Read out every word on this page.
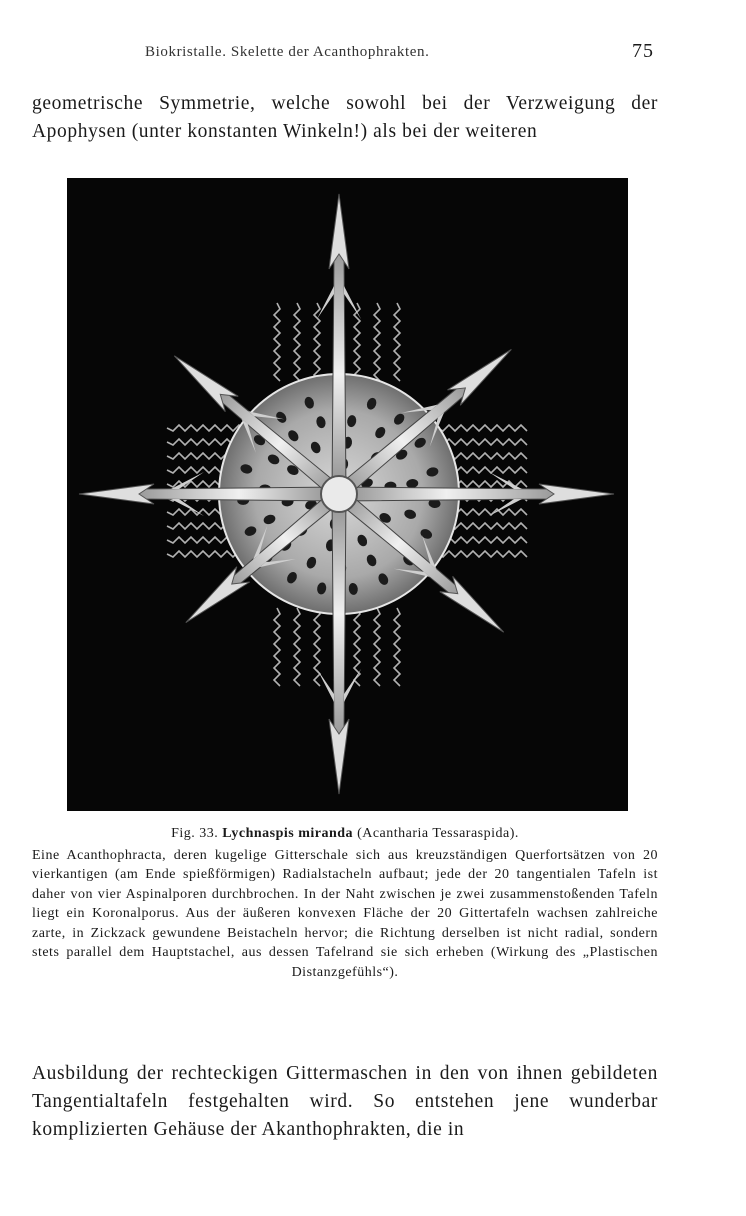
Biokristalle. Skelette der Acanthophrakten.	75

geometrische Symmetrie, welche sowohl bei der Verzweigung der Apophysen (unter konstanten Winkeln!) als bei der weiteren

Fig. 33. Lychnaspis miranda (Acantharia Tessaraspida).
Eine Acanthophracta, deren kugelige Gitterschale sich aus kreuzständigen Querfortsätzen von 20 vierkantigen (am Ende spießförmigen) Radialstacheln aufbaut; jede der 20 tangentialen Tafeln ist daher von vier Aspinalporen durchbrochen. In der Naht zwischen je zwei zusammenstoßenden Tafeln liegt ein Koronalporus. Aus der äußeren konvexen Fläche der 20 Gittertafeln wachsen zahlreiche zarte, in Zickzack gewundene Beistacheln hervor; die Richtung derselben ist nicht radial, sondern stets parallel dem Hauptstachel, aus dessen Tafelrand sie sich erheben (Wirkung des „Plastischen Distanzgefühls“).

Ausbildung der rechteckigen Gittermaschen in den von ihnen gebildeten Tangentialtafeln festgehalten wird. So entstehen jene wunderbar komplizierten Gehäuse der Akanthophrakten, die in
